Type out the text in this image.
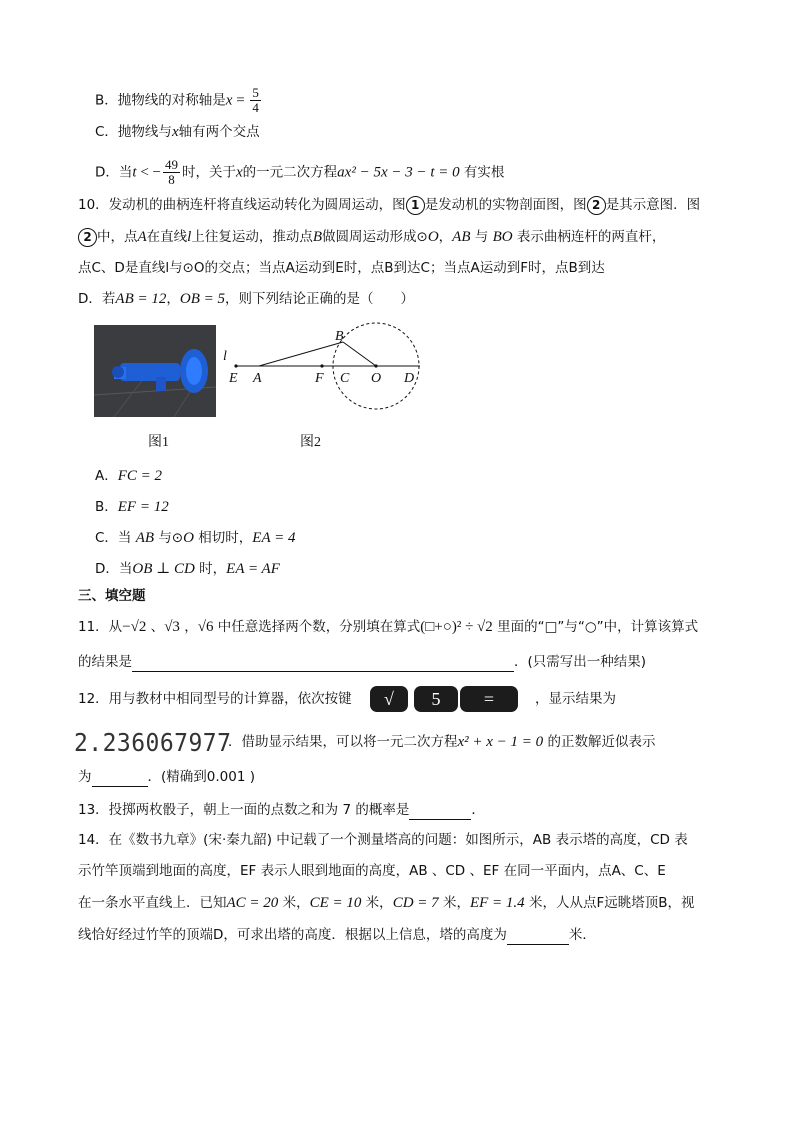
B．抛物线的对称轴是$x = \frac{5}{4}$
C．抛物线与x轴有两个交点
D．当t < − $\frac{49}{8}$ 时，关于x的一元二次方程ax² − 5x − 3 − t = 0 有实根
10．发动机的曲柄连杆将直线运动转化为圆周运动，图 1 是发动机的实物剖面图，图 2 是其示意图．图
2 中，点A在直线l上往复运动，推动点B做圆周运动形成⊙O，AB 与 BO 表示曲柄连杆的两直杆，
点C、D是直线l与⊙O的交点；当点A运动到E时，点B到达C；当点A运动到F时，点B到达
D．若AB = 12，OB = 5，则下列结论正确的是（　　）
l
E A	F C O D
B
图1	图2
A．FC = 2
B．EF = 12
C．当 AB 与⊙O 相切时，EA = 4
D．当OB ⊥ CD 时，EA = AF
三、填空题
11．从−√2 、√3 ，√6 中任意选择两个数，分别填在算式(□+○)² ÷ √2 里面的“□”与“○”中，计算该算式
的结果是	．(只需写出一种结果)
12．用与教材中相同型号的计算器，依次按键	√	5	=	，显示结果为
2.236067977
．借助显示结果，可以将一元二次方程x² + x − 1 = 0 的正数解近似表示
为	．(精确到0.001 )
13．投掷两枚骰子，朝上一面的点数之和为 7 的概率是	．
14．在《数书九章》(宋·秦九韶) 中记载了一个测量塔高的问题：如图所示，AB 表示塔的高度，CD 表
示竹竿顶端到地面的高度，EF 表示人眼到地面的高度，AB 、CD 、EF 在同一平面内，点A、C、E
在一条水平直线上．已知AC = 20 米，CE = 10 米，CD = 7 米，EF = 1.4 米，人从点F远眺塔顶B，视
线恰好经过竹竿的顶端D，可求出塔的高度．根据以上信息，塔的高度为	米．
